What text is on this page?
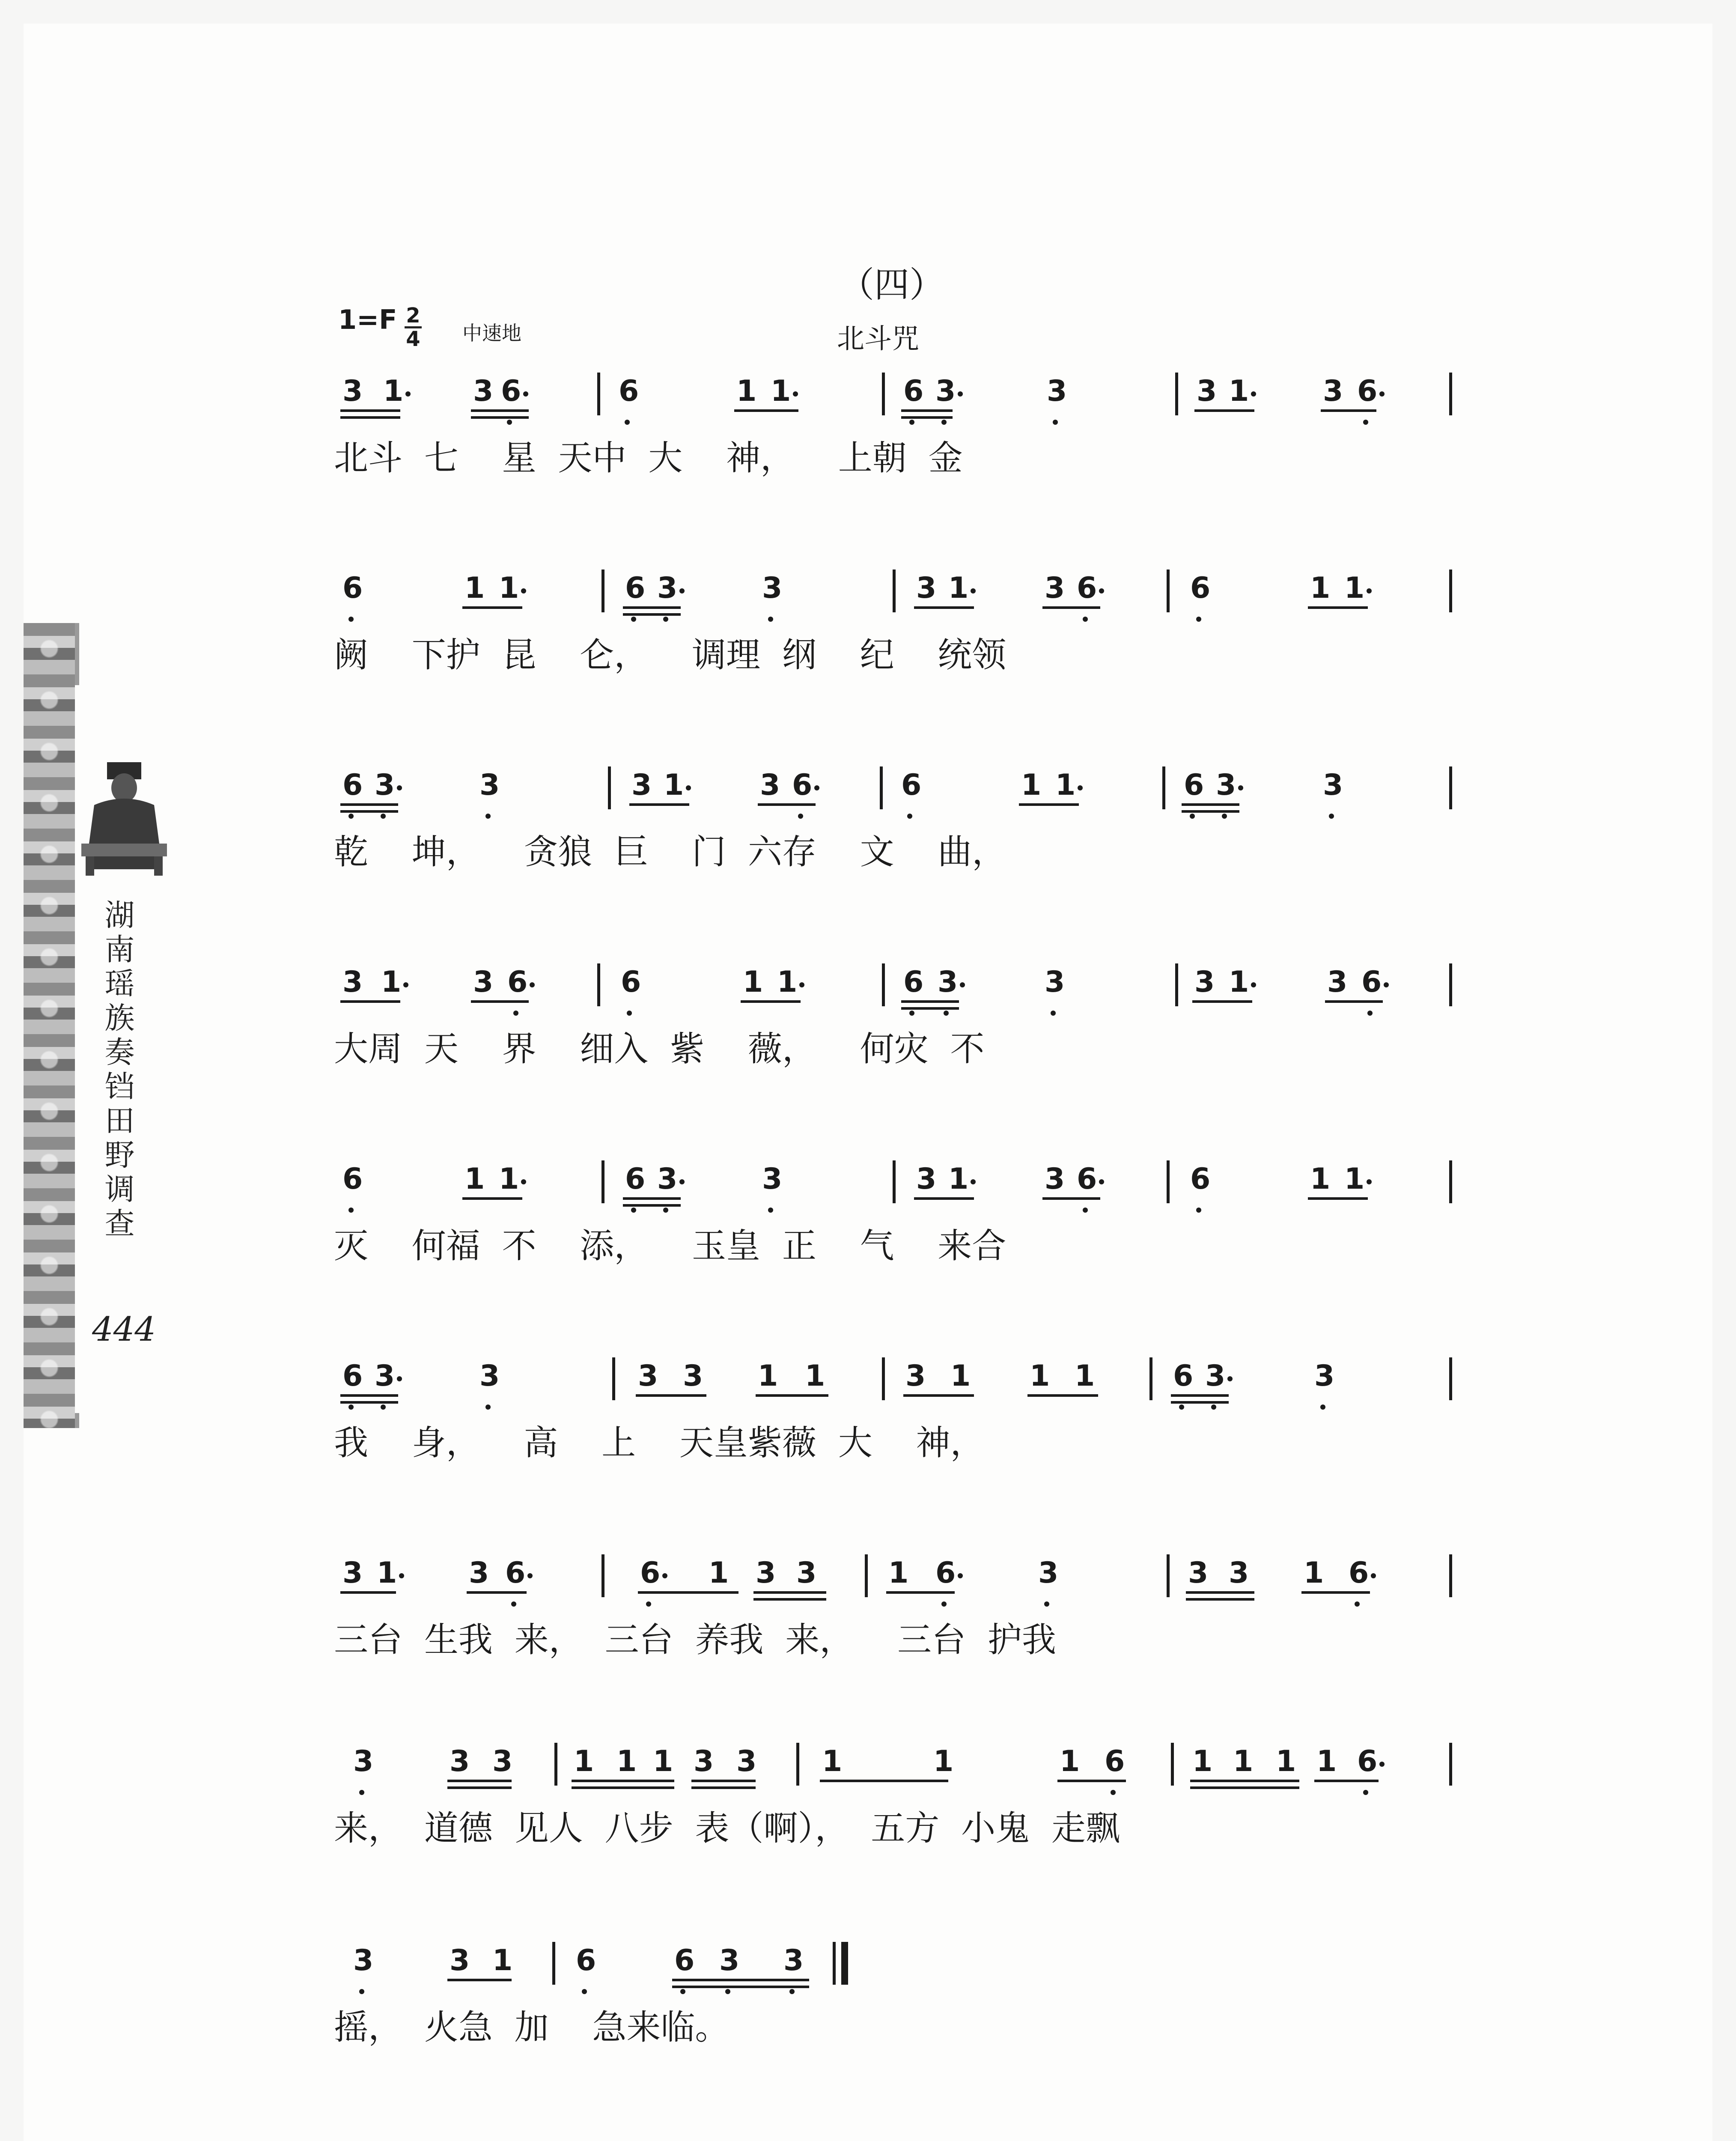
湖南瑶族奏铛田野调查
444
（四）
1=F 2
4 中速地	北斗咒
3 1 3 6	6	1 1	6 3	3	3 1	3 6
北斗  七    星  天中  大    神，    上朝  金
6	1 1	6 3	3	3 1	3 6	6	1 1
阙    下护  昆    仑，    调理  纲    纪    统领
6 3	3	3 1	3 6	6	1 1	6 3	3
乾    坤，    贪狼  巨    门  六存    文    曲，
3 1 3 6	6	1 1	6 3	3	3 1	3 6
大周  天    界    细入  紫    薇，    何灾  不
6	1 1	6 3	3	3 1	3 6	6	1 1
灭    何福  不    添，    玉皇  正    气    来合
6 3	3	3 3 1 1	3 1 1 1	6 3	3
我    身，    高    上    天皇紫薇  大    神，
3 1 3 6	6 1 3 3 1 6	3	3 3 1 6
三台  生我  来，  三台  养我  来，    三台  护我
3	3 3 1 1 1 3 3 1	1	1 6 1 1 1 1 6
来，  道德  见人  八步  表（啊），  五方  小鬼  走飘
3	3 1 6	6 3 3
摇，  火急  加    急来临。
